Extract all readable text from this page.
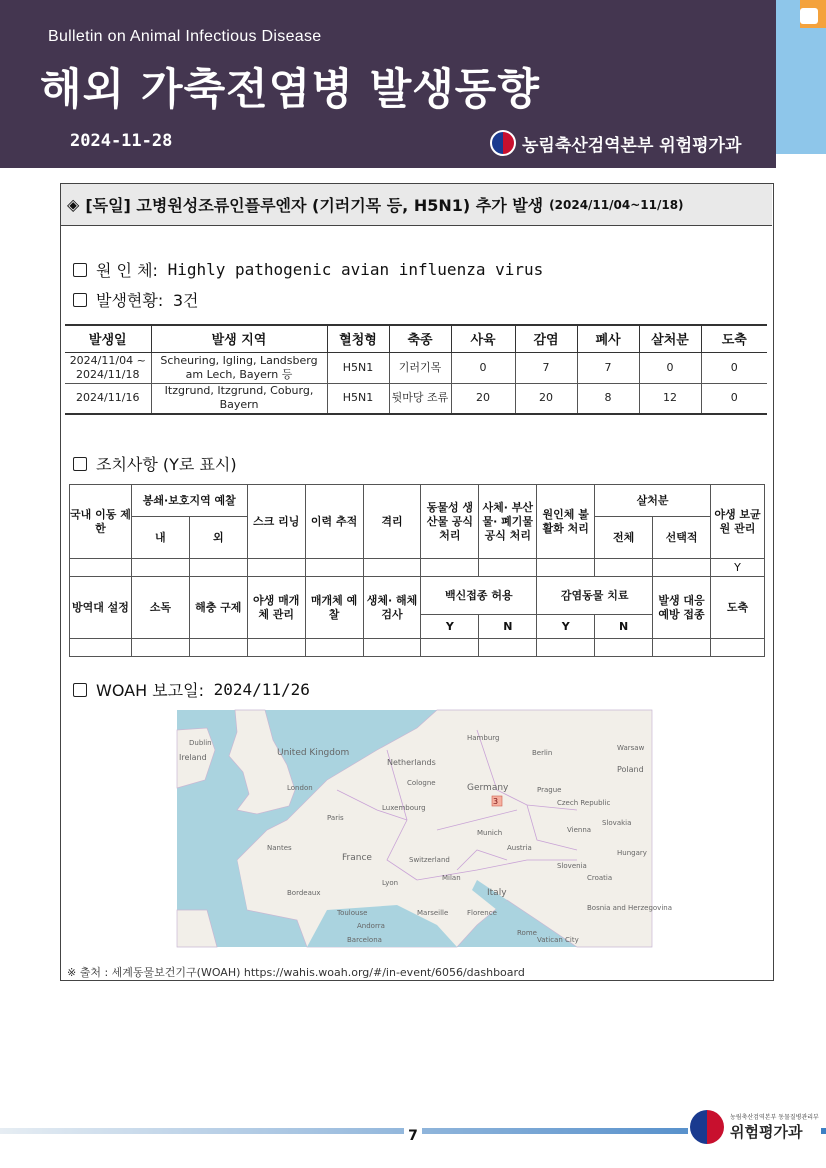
Bulletin on Animal Infectious Disease
해외 가축전염병 발생동향
2024-11-28	농림축산검역본부 위험평가과
◈ [독일] 고병원성조류인플루엔자 (기러기목 등, H5N1) 추가 발생 (2024/11/04~11/18)
원 인 체:
Highly pathogenic avian influenza virus
발생현황:
3건
발생일	발생 지역	혈청형	축종	사육	감염	폐사	살처분	도축
2024/11/04 ~ 2024/11/18	Scheuring, Igling, Landsberg am Lech, Bayern 등	H5N1	기러기목	0	7	7	0	0
2024/11/16	Itzgrund, Itzgrund, Coburg, Bayern	H5N1	뒷마당 조류	20	20	8	12	0
조치사항 (Y로 표시)
국내 이동 제한	봉쇄·보호지역 예찰		스크 리닝	이력 추적	격리	동물성 생산물 공식 처리	사체· 부산물· 폐기물 공식 처리	원인체 불활화 처리	살처분		야생 보균원 관리
	내	외							전체	선택적	
											Y
방역대 설정	소독	해충 구제	야생 매개체 관리	매개체 예찰	생체· 해체 검사	백신접종 허용		감염동물 치료		발생 대응 예방 접종	도축
						Y	N	Y	N		

WOAH 보고일:
2024/11/26
3
United Kingdom
Ireland
Dublin
Netherlands
Hamburg
Berlin
Germany
Poland
Czech Republic
Paris
Luxembourg
France	Switzerland
Austria
Slovakia
Hungary
Vienna
Slovenia
Italy
Rome
Milan
Marseille
Lyon
Munich
London
Warsaw
Prague
Cologne
Bordeaux
Toulouse
Nantes
Andorra
Barcelona	Vatican City
Florence
Croatia
Bosnia and Herzegovina
※ 출처 : 세계동물보건기구(WOAH) https://wahis.woah.org/#/in-event/6056/dashboard
7
농림축산검역본부 동물질병관리부
위험평가과
